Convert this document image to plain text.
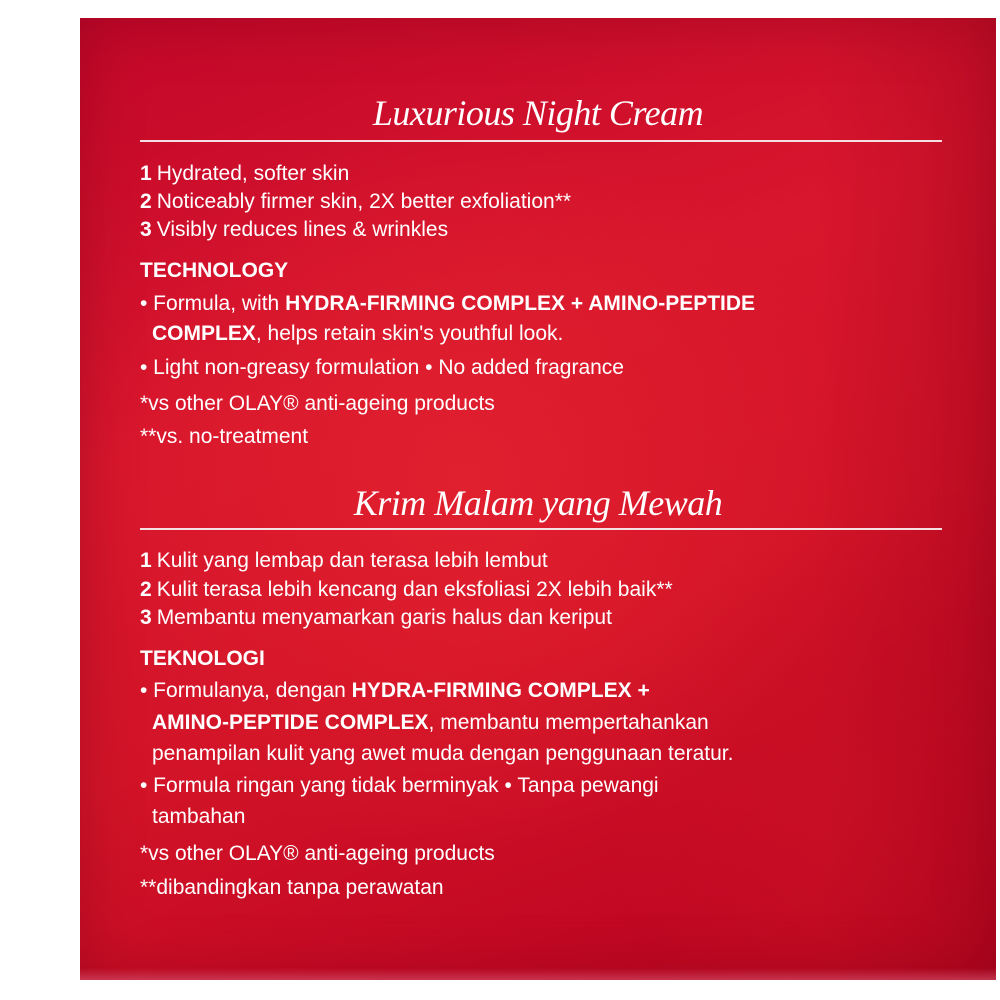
Luxurious Night Cream
1 Hydrated, softer skin
2 Noticeably firmer skin, 2X better exfoliation**
3 Visibly reduces lines & wrinkles
TECHNOLOGY
• Formula, with HYDRA-FIRMING COMPLEX + AMINO-PEPTIDE
COMPLEX, helps retain skin's youthful look.
• Light non-greasy formulation • No added fragrance
*vs other OLAY® anti-ageing products
**vs. no-treatment
Krim Malam yang Mewah
1 Kulit yang lembap dan terasa lebih lembut
2 Kulit terasa lebih kencang dan eksfoliasi 2X lebih baik**
3 Membantu menyamarkan garis halus dan keriput
TEKNOLOGI
• Formulanya, dengan HYDRA-FIRMING COMPLEX +
AMINO-PEPTIDE COMPLEX, membantu mempertahankan
penampilan kulit yang awet muda dengan penggunaan teratur.
• Formula ringan yang tidak berminyak • Tanpa pewangi
tambahan
*vs other OLAY® anti-ageing products
**dibandingkan tanpa perawatan
